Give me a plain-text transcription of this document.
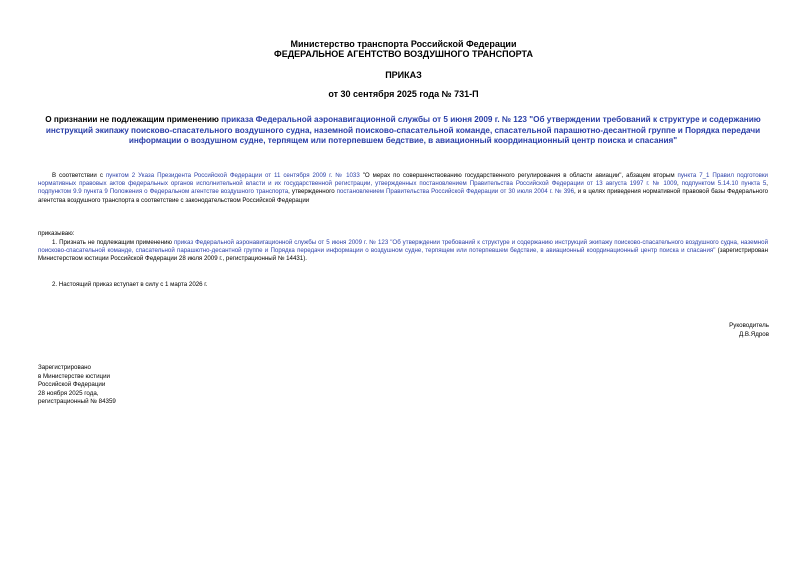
Министерство транспорта Российской Федерации
ФЕДЕРАЛЬНОЕ АГЕНТСТВО ВОЗДУШНОГО ТРАНСПОРТА
ПРИКАЗ
от 30 сентября 2025 года № 731-П
О признании не подлежащим применению приказа Федеральной аэронавигационной службы от 5 июня 2009 г. № 123 "Об утверждении требований к структуре и содержанию инструкций экипажу поисково-спасательного воздушного судна, наземной поисково-спасательной команде, спасательной парашютно-десантной группе и Порядка передачи информации о воздушном судне, терпящем или потерпевшем бедствие, в авиационный координационный центр поиска и спасания"
В соответствии с пунктом 2 Указа Президента Российской Федерации от 11 сентября 2009 г. № 1033 "О мерах по совершенствованию государственного регулирования в области авиации", абзацем вторым пункта 7_1 Правил подготовки нормативных правовых актов федеральных органов исполнительной власти и их государственной регистрации, утвержденных постановлением Правительства Российской Федерации от 13 августа 1997 г. № 1009, подпунктом 5.14.10 пункта 5, подпунктом 9.9 пункта 9 Положения о Федеральном агентстве воздушного транспорта, утвержденного постановлением Правительства Российской Федерации от 30 июля 2004 г. № 396, и в целях приведения нормативной правовой базы Федерального агентства воздушного транспорта в соответствие с законодательством Российской Федерации
приказываю:
1. Признать не подлежащим применению приказ Федеральной аэронавигационной службы от 5 июня 2009 г. № 123 "Об утверждении требований к структуре и содержанию инструкций экипажу поисково-спасательного воздушного судна, наземной поисково-спасательной команде, спасательной парашютно-десантной группе и Порядка передачи информации о воздушном судне, терпящем или потерпевшем бедствие, в авиационный координационный центр поиска и спасания" (зарегистрирован Министерством юстиции Российской Федерации 28 июля 2009 г., регистрационный № 14431).
2. Настоящий приказ вступает в силу с 1 марта 2026 г.
Руководитель
Д.В.Ядров
Зарегистрировано
в Министерстве юстиции
Российской Федерации
28 ноября 2025 года,
регистрационный № 84359
